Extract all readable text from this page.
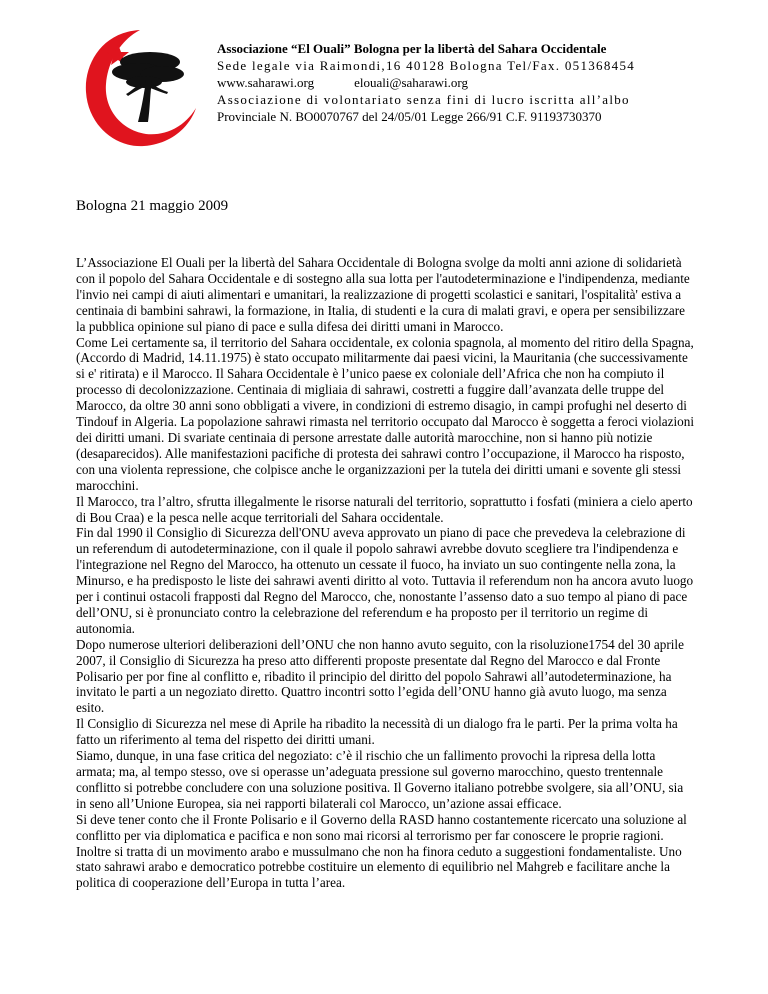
Associazione “El Ouali” Bologna per la libertà del Sahara Occidentale
Sede legale via Raimondi,16 40128 Bologna Tel/Fax. 051368454
www.saharawi.org	elouali@saharawi.org
Associazione di volontariato senza fini di lucro iscritta all’albo
Provinciale N. BO0070767 del 24/05/01 Legge 266/91 C.F. 91193730370
Bologna 21 maggio 2009

L’Associazione El Ouali per la libertà del Sahara Occidentale di Bologna svolge da molti anni azione di solidarietà con il popolo del Sahara Occidentale e di sostegno alla sua lotta per l'autodeterminazione e l'indipendenza, mediante l'invio nei campi di aiuti alimentari e umanitari, la realizzazione di progetti scolastici e sanitari, l'ospitalità' estiva a centinaia di bambini sahrawi, la formazione, in Italia, di studenti e la cura di malati gravi, e opera per sensibilizzare la pubblica opinione sul piano di pace e sulla difesa dei diritti umani in Marocco.

Come Lei certamente sa, il territorio del Sahara occidentale, ex colonia spagnola, al momento del ritiro della Spagna, (Accordo di Madrid, 14.11.1975) è stato occupato militarmente dai paesi vicini, la Mauritania (che successivamente si e' ritirata) e il Marocco. Il Sahara Occidentale è l’unico paese ex coloniale dell’Africa che non ha compiuto il processo di decolonizzazione. Centinaia di migliaia di sahrawi, costretti a fuggire dall’avanzata delle truppe del Marocco, da oltre 30 anni sono obbligati a vivere, in condizioni di estremo disagio, in campi profughi nel deserto di Tindouf in Algeria. La popolazione sahrawi rimasta nel territorio occupato dal Marocco è soggetta a feroci violazioni dei diritti umani. Di svariate centinaia di persone arrestate dalle autorità marocchine, non si hanno più notizie (desaparecidos). Alle manifestazioni pacifiche di protesta dei sahrawi contro l’occupazione, il Marocco ha risposto, con una violenta repressione, che colpisce anche le organizzazioni per la tutela dei diritti umani e sovente gli stessi marocchini.

Il Marocco, tra l’altro, sfrutta illegalmente le risorse naturali del territorio, soprattutto i fosfati (miniera a cielo aperto di Bou Craa) e la pesca nelle acque territoriali del Sahara occidentale.

Fin dal 1990 il Consiglio di Sicurezza dell'ONU aveva approvato un piano di pace che prevedeva la celebrazione di un referendum di autodeterminazione, con il quale il popolo sahrawi avrebbe dovuto scegliere tra l'indipendenza e l'integrazione nel Regno del Marocco, ha ottenuto un cessate il fuoco, ha inviato un suo contingente nella zona, la Minurso, e ha predisposto le liste dei sahrawi aventi diritto al voto. Tuttavia il referendum non ha ancora avuto luogo per i continui ostacoli frapposti dal Regno del Marocco, che, nonostante l’assenso dato a suo tempo al piano di pace dell’ONU, si è pronunciato contro la celebrazione del referendum e ha proposto per il territorio un regime di autonomia.

Dopo numerose ulteriori deliberazioni dell’ONU che non hanno avuto seguito, con la risoluzione1754 del 30 aprile 2007, il Consiglio di Sicurezza ha preso atto differenti proposte presentate dal Regno del Marocco e dal Fronte Polisario per por fine al conflitto e, ribadito il principio del diritto del popolo Sahrawi all’autodeterminazione, ha invitato le parti a un negoziato diretto. Quattro incontri sotto l’egida dell’ONU hanno già avuto luogo, ma senza esito.

Il Consiglio di Sicurezza nel mese di Aprile ha ribadito la necessità di un dialogo fra le parti. Per la prima volta ha fatto un riferimento al tema del rispetto dei diritti umani.

Siamo, dunque, in una fase critica del negoziato: c’è il rischio che un fallimento provochi la ripresa della lotta armata; ma, al tempo stesso, ove si operasse un’adeguata pressione sul governo marocchino, questo trentennale conflitto si potrebbe concludere con una soluzione positiva. Il Governo italiano potrebbe svolgere, sia all’ONU, sia in seno all’Unione Europea, sia nei rapporti bilaterali col Marocco, un’azione assai efficace.

Si deve tener conto che il Fronte Polisario e il Governo della RASD hanno costantemente ricercato una soluzione al conflitto per via diplomatica e pacifica e non sono mai ricorsi al terrorismo per far conoscere le proprie ragioni. Inoltre si tratta di un movimento arabo e mussulmano che non ha finora ceduto a suggestioni fondamentaliste. Uno stato sahrawi arabo e democratico potrebbe costituire un elemento di equilibrio nel Mahgreb e facilitare anche la politica di cooperazione dell’Europa in tutta l’area.
